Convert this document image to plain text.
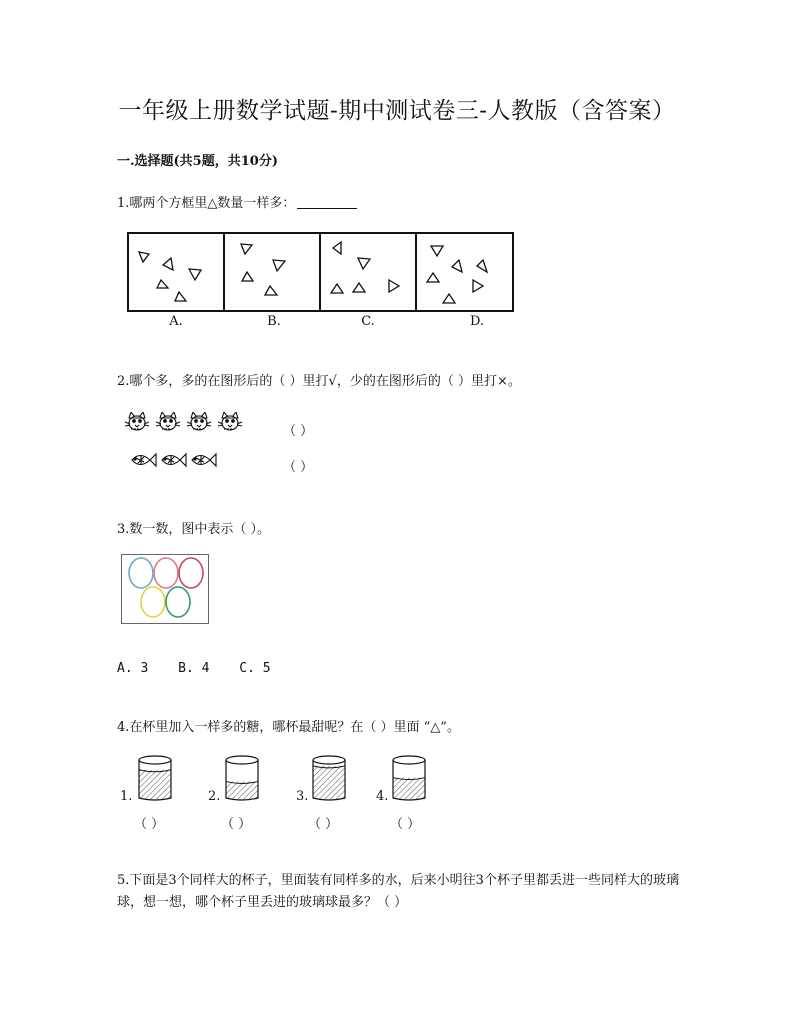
一年级上册数学试题-期中测试卷三-人教版（含答案）
一.选择题(共5题，共10分)
1.哪两个方框里△数量一样多：
A.	B.	C.	D.
2.哪个多，多的在图形后的（ ）里打√，少的在图形后的（ ）里打×。
（ ）
（ ）
3.数一数，图中表示（ ）。
A. 3 B. 4 C. 5
4.在杯里加入一样多的糖，哪杯最甜呢？在（ ）里面 “△”。
1.	2.	3.	4.
（ ）	（ ）	（ ）	（ ）
5.下面是3个同样大的杯子，里面装有同样多的水，后来小明往3个杯子里都丢进一些同样大的玻璃球，想一想，哪个杯子里丢进的玻璃球最多？（ ）
